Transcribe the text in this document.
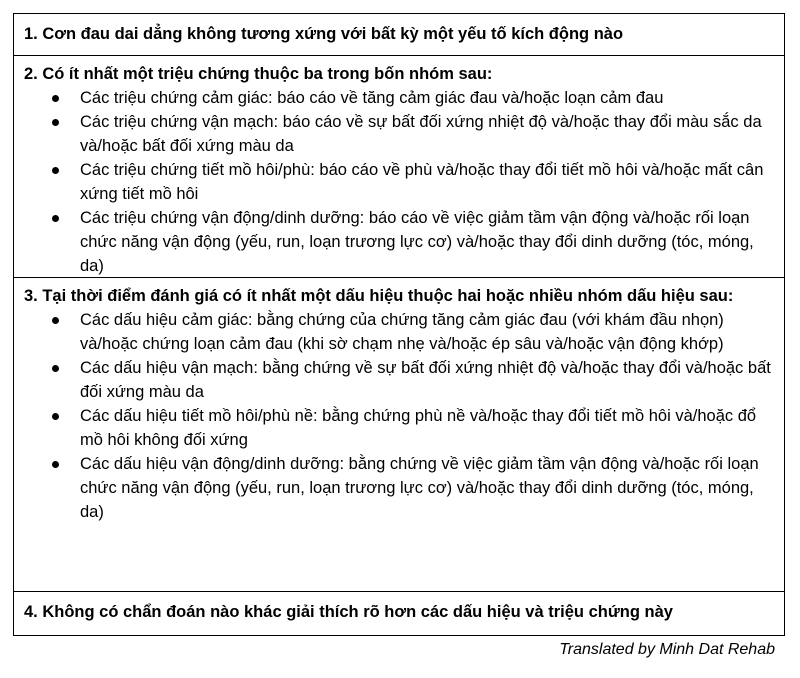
1. Cơn đau dai dẳng không tương xứng với bất kỳ một yếu tố kích động nào
2. Có ít nhất một triệu chứng thuộc ba trong bốn nhóm sau:
Các triệu chứng cảm giác: báo cáo về tăng cảm giác đau và/hoặc loạn cảm đau
Các triệu chứng vận mạch: báo cáo về sự bất đối xứng nhiệt độ và/hoặc thay đổi màu sắc da và/hoặc bất đối xứng màu da
Các triệu chứng tiết mồ hôi/phù: báo cáo về phù và/hoặc thay đổi tiết mồ hôi và/hoặc mất cân xứng tiết mồ hôi
Các triệu chứng vận động/dinh dưỡng: báo cáo về việc giảm tầm vận động và/hoặc rối loạn chức năng vận động (yếu, run, loạn trương lực cơ) và/hoặc thay đổi dinh dưỡng (tóc, móng, da)
3. Tại thời điểm đánh giá có ít nhất một dấu hiệu thuộc hai hoặc nhiều nhóm dấu hiệu sau:
Các dấu hiệu cảm giác: bằng chứng của chứng tăng cảm giác đau (với khám đầu nhọn) và/hoặc chứng loạn cảm đau (khi sờ chạm nhẹ và/hoặc ép sâu và/hoặc vận động khớp)
Các dấu hiệu vận mạch: bằng chứng về sự bất đối xứng nhiệt độ và/hoặc thay đổi và/hoặc bất đối xứng màu da
Các dấu hiệu tiết mồ hôi/phù nề: bằng chứng phù nề và/hoặc thay đổi tiết mồ hôi và/hoặc đổ mồ hôi không đối xứng
Các dấu hiệu vận động/dinh dưỡng: bằng chứng về việc giảm tầm vận động và/hoặc rối loạn chức năng vận động (yếu, run, loạn trương lực cơ) và/hoặc thay đổi dinh dưỡng (tóc, móng, da)
4. Không có chẩn đoán nào khác giải thích rõ hơn các dấu hiệu và triệu chứng này
Translated by Minh Dat Rehab
